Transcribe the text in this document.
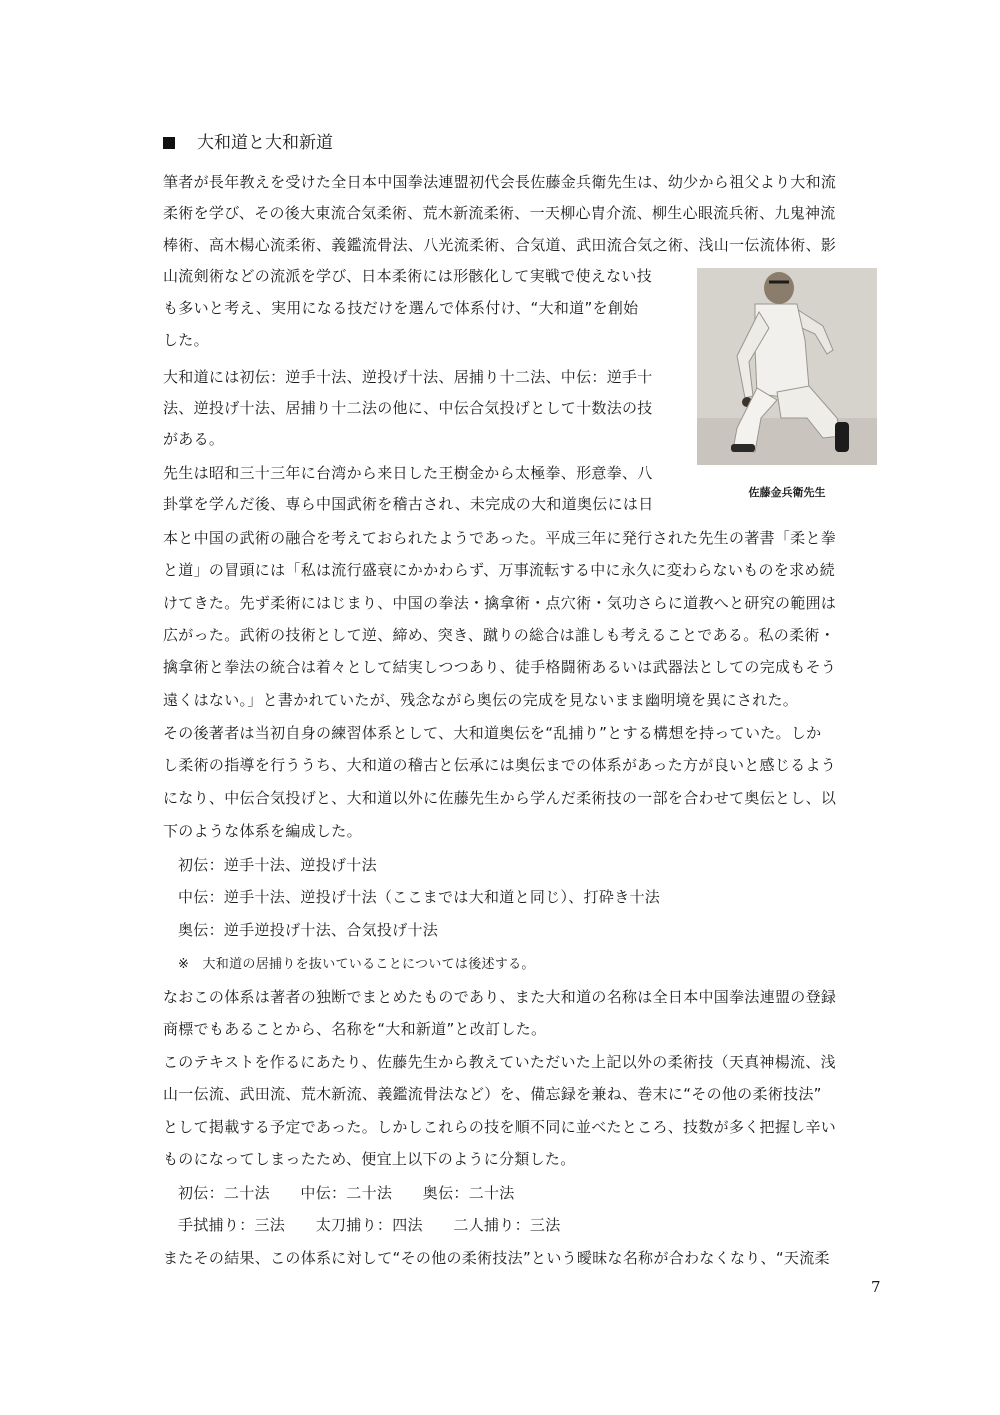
大和道と大和新道
筆者が長年教えを受けた全日本中国拳法連盟初代会長佐藤金兵衛先生は、幼少から祖父より大和流
柔術を学び、その後大東流合気柔術、荒木新流柔術、一天柳心胄介流、柳生心眼流兵術、九鬼神流
棒術、高木楊心流柔術、義鑑流骨法、八光流柔術、合気道、武田流合気之術、浅山一伝流体術、影
山流剣術などの流派を学び、日本柔術には形骸化して実戦で使えない技
も多いと考え、実用になる技だけを選んで体系付け、“大和道”を創始
した。
大和道には初伝：逆手十法、逆投げ十法、居捕り十二法、中伝：逆手十
法、逆投げ十法、居捕り十二法の他に、中伝合気投げとして十数法の技
がある。
先生は昭和三十三年に台湾から来日した王樹金から太極拳、形意拳、八
卦掌を学んだ後、専ら中国武術を稽古され、未完成の大和道奥伝には日
本と中国の武術の融合を考えておられたようであった。平成三年に発行された先生の著書「柔と拳
と道」の冒頭には「私は流行盛衰にかかわらず、万事流転する中に永久に変わらないものを求め続
けてきた。先ず柔術にはじまり、中国の拳法・擒拿術・点穴術・気功さらに道教へと研究の範囲は
広がった。武術の技術として逆、締め、突き、蹴りの総合は誰しも考えることである。私の柔術・
擒拿術と拳法の統合は着々として結実しつつあり、徒手格闘術あるいは武器法としての完成もそう
遠くはない。」と書かれていたが、残念ながら奥伝の完成を見ないまま幽明境を異にされた。
その後著者は当初自身の練習体系として、大和道奥伝を“乱捕り”とする構想を持っていた。しか
し柔術の指導を行ううち、大和道の稽古と伝承には奥伝までの体系があった方が良いと感じるよう
になり、中伝合気投げと、大和道以外に佐藤先生から学んだ柔術技の一部を合わせて奥伝とし、以
下のような体系を編成した。
初伝：逆手十法、逆投げ十法
中伝：逆手十法、逆投げ十法（ここまでは大和道と同じ）、打砕き十法
奥伝：逆手逆投げ十法、合気投げ十法
※　大和道の居捕りを抜いていることについては後述する。
なおこの体系は著者の独断でまとめたものであり、また大和道の名称は全日本中国拳法連盟の登録
商標でもあることから、名称を“大和新道”と改訂した。
このテキストを作るにあたり、佐藤先生から教えていただいた上記以外の柔術技（天真神楊流、浅
山一伝流、武田流、荒木新流、義鑑流骨法など）を、備忘録を兼ね、巻末に“その他の柔術技法”
として掲載する予定であった。しかしこれらの技を順不同に並べたところ、技数が多く把握し辛い
ものになってしまったため、便宜上以下のように分類した。
初伝：二十法　　中伝：二十法　　奥伝：二十法
手拭捕り：三法　　太刀捕り：四法　　二人捕り：三法
またその結果、この体系に対して“その他の柔術技法”という曖昧な名称が合わなくなり、“天流柔
佐藤金兵衛先生
7
